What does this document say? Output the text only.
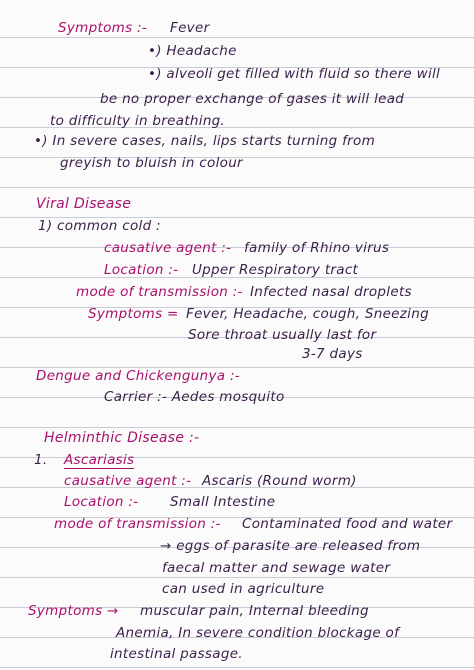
Symptoms :- Fever
•) Headache
•) alveoli get filled with fluid so there will
be no proper exchange of gases it will lead
to difficulty in breathing.
•) In severe cases, nails, lips starts turning from
greyish to bluish in colour
Viral Disease
1) common cold :
causative agent :- family of Rhino virus
Location :- Upper Respiratory tract
mode of transmission :- Infected nasal droplets
Symptoms = Fever, Headache, cough, Sneezing
Sore throat usually last for
3-7 days
Dengue and Chickengunya :-
Carrier :- Aedes mosquito
Helminthic Disease :-
1. Ascariasis
causative agent :- Ascaris (Round worm)
Location :- Small Intestine
mode of transmission :- Contaminated food and water
→ eggs of parasite are released from
faecal matter and sewage water
can used in agriculture
Symptoms → muscular pain, Internal bleeding
Anemia, In severe condition blockage of
intestinal passage.
